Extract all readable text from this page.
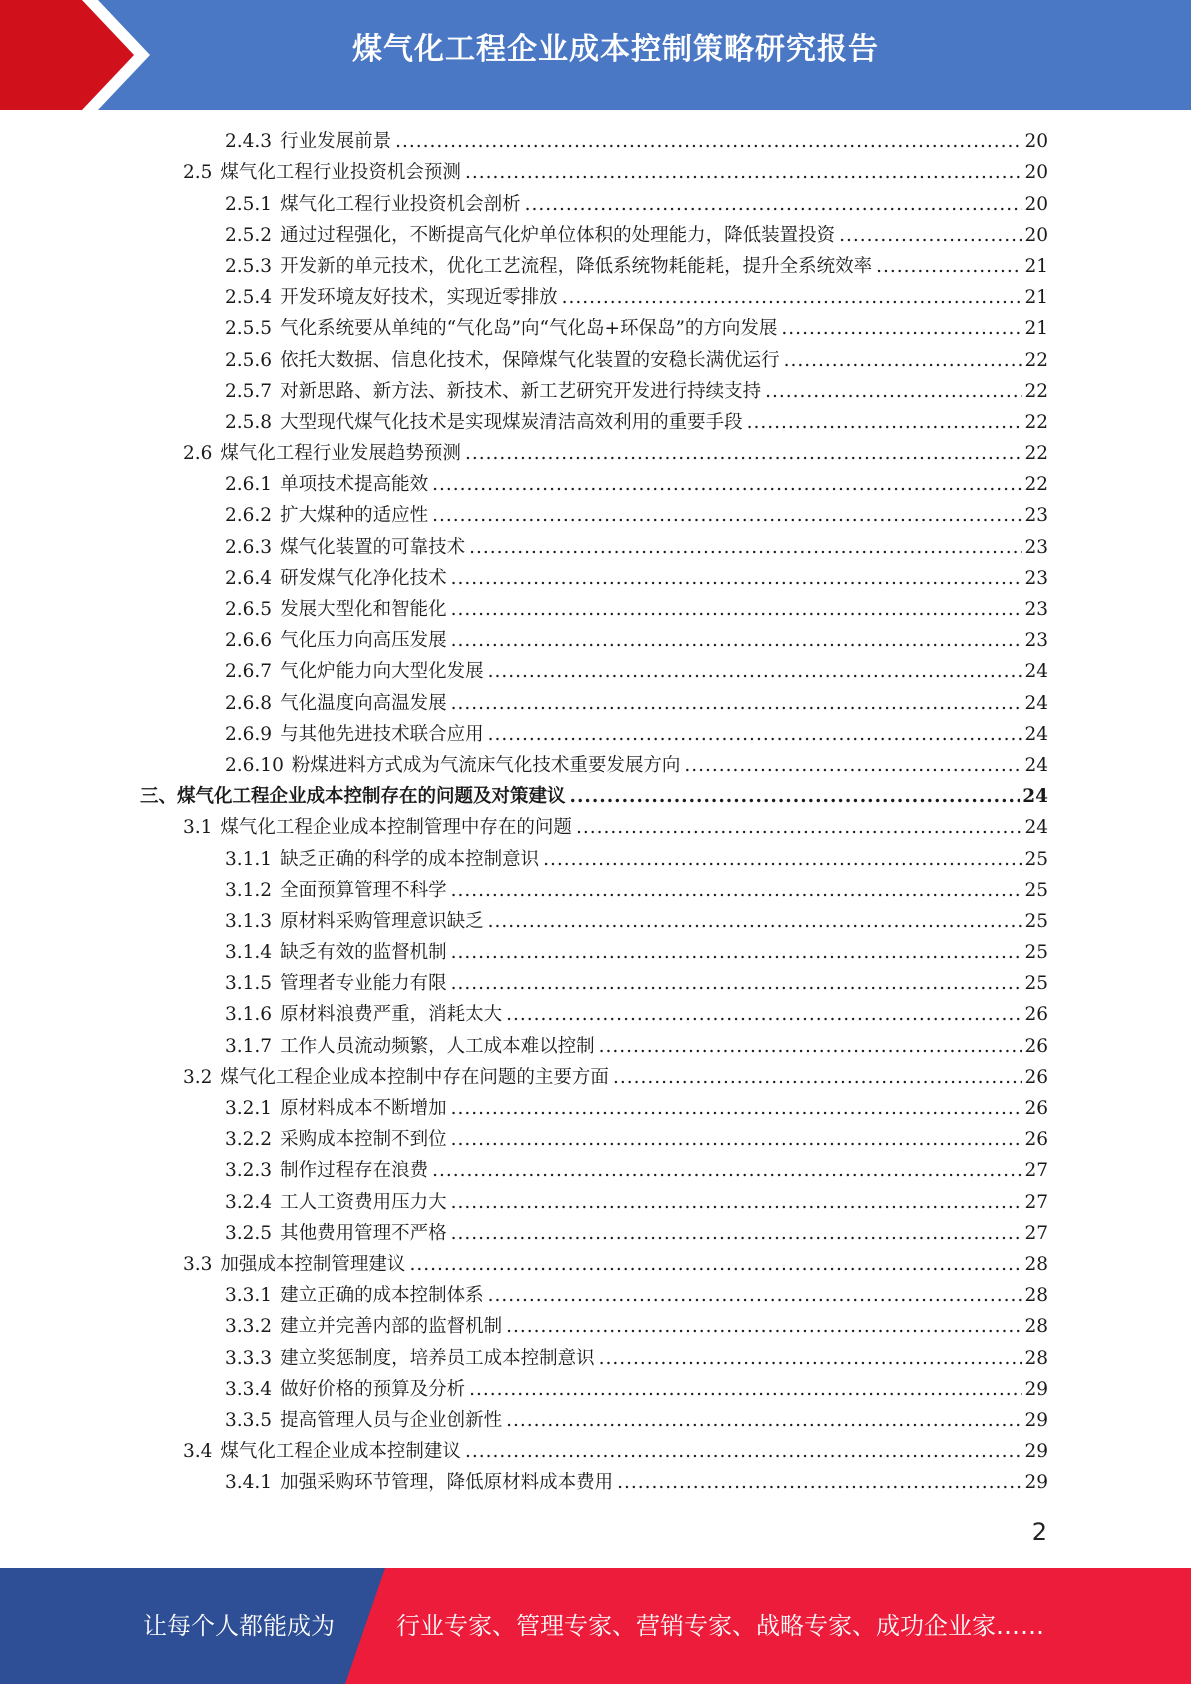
煤气化工程企业成本控制策略研究报告
2.4.3 行业发展前景 .....	20
2.5 煤气化工程行业投资机会预测 .....	20
2.5.1 煤气化工程行业投资机会剖析 .....	20
2.5.2 通过过程强化，不断提高气化炉单位体积的处理能力，降低装置投资 .....	20
2.5.3 开发新的单元技术，优化工艺流程，降低系统物耗能耗，提升全系统效率 .....	21
2.5.4 开发环境友好技术，实现近零排放 .....	21
2.5.5 气化系统要从单纯的“气化岛”向“气化岛+环保岛”的方向发展 .....	21
2.5.6 依托大数据、信息化技术，保障煤气化装置的安稳长满优运行 .....	22
2.5.7 对新思路、新方法、新技术、新工艺研究开发进行持续支持 .....	22
2.5.8 大型现代煤气化技术是实现煤炭清洁高效利用的重要手段 .....	22
2.6 煤气化工程行业发展趋势预测 .....	22
2.6.1 单项技术提高能效 .....	22
2.6.2 扩大煤种的适应性 .....	23
2.6.3 煤气化装置的可靠技术 .....	23
2.6.4 研发煤气化净化技术 .....	23
2.6.5 发展大型化和智能化 .....	23
2.6.6 气化压力向高压发展 .....	23
2.6.7 气化炉能力向大型化发展 .....	24
2.6.8 气化温度向高温发展 .....	24
2.6.9 与其他先进技术联合应用 .....	24
2.6.10 粉煤进料方式成为气流床气化技术重要发展方向 .....	24
三、 煤气化工程企业成本控制存在的问题及对策建议 .....	24
3.1 煤气化工程企业成本控制管理中存在的问题 .....	24
3.1.1 缺乏正确的科学的成本控制意识 .....	25
3.1.2 全面预算管理不科学 .....	25
3.1.3 原材料采购管理意识缺乏 .....	25
3.1.4 缺乏有效的监督机制 .....	25
3.1.5 管理者专业能力有限 .....	25
3.1.6 原材料浪费严重，消耗太大 .....	26
3.1.7 工作人员流动频繁，人工成本难以控制 .....	26
3.2 煤气化工程企业成本控制中存在问题的主要方面 .....	26
3.2.1 原材料成本不断增加 .....	26
3.2.2 采购成本控制不到位 .....	26
3.2.3 制作过程存在浪费 .....	27
3.2.4 工人工资费用压力大 .....	27
3.2.5 其他费用管理不严格 .....	27
3.3 加强成本控制管理建议 .....	28
3.3.1 建立正确的成本控制体系 .....	28
3.3.2 建立并完善内部的监督机制 .....	28
3.3.3 建立奖惩制度，培养员工成本控制意识 .....	28
3.3.4 做好价格的预算及分析 .....	29
3.3.5 提高管理人员与企业创新性 .....	29
3.4 煤气化工程企业成本控制建议 .....	29
3.4.1 加强采购环节管理，降低原材料成本费用 .....	29
2
让每个人都能成为	行业专家、管理专家、营销专家、战略专家、成功企业家……
